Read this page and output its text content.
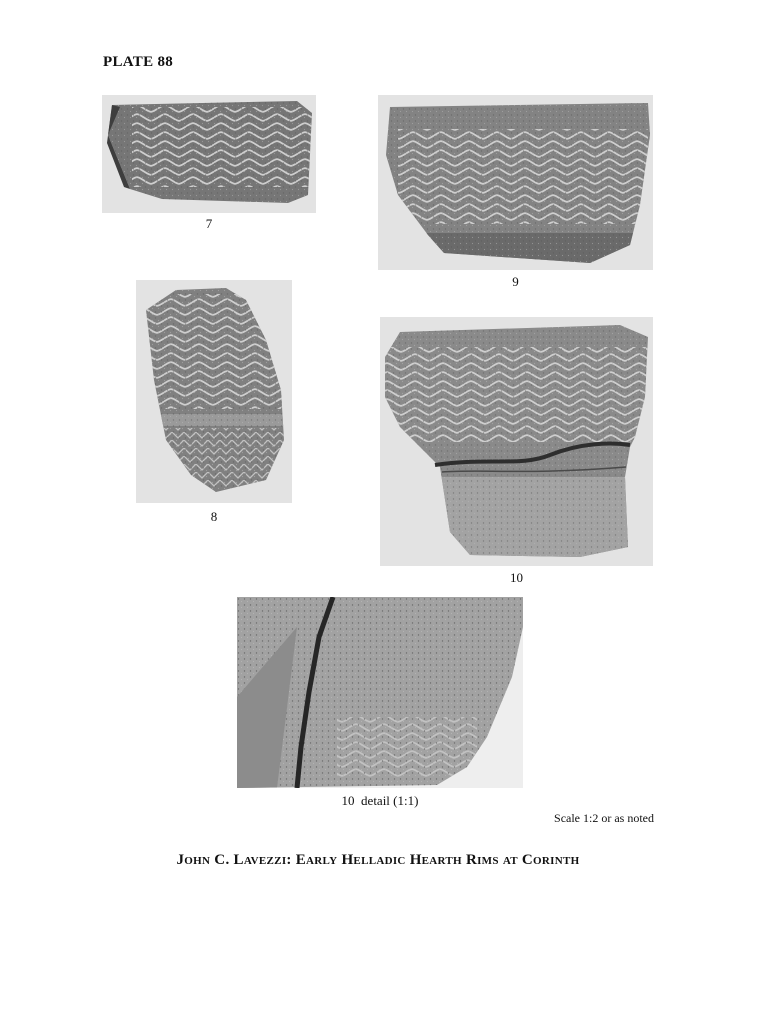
PLATE 88
7
9
8
10
10  detail (1:1)
Scale 1:2 or as noted
John C. Lavezzi: Early Helladic Hearth Rims at Corinth
